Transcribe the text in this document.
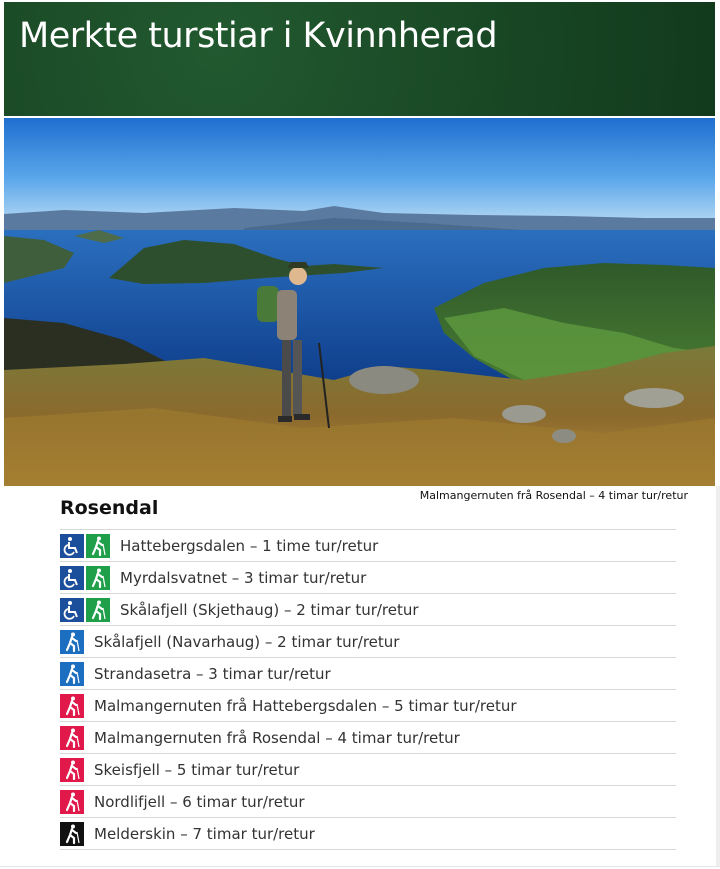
Merkte turstiar i Kvinnherad
Malmangernuten frå Rosendal – 4 timar tur/retur
Rosendal
Hattebergsdalen – 1 time tur/retur
Myrdalsvatnet – 3 timar tur/retur
Skålafjell (Skjethaug) – 2 timar tur/retur
Skålafjell (Navarhaug) – 2 timar tur/retur
Strandasetra – 3 timar tur/retur
Malmangernuten frå Hattebergsdalen – 5 timar tur/retur
Malmangernuten frå Rosendal – 4 timar tur/retur
Skeisfjell – 5 timar tur/retur
Nordlifjell – 6 timar tur/retur
Melderskin – 7 timar tur/retur
